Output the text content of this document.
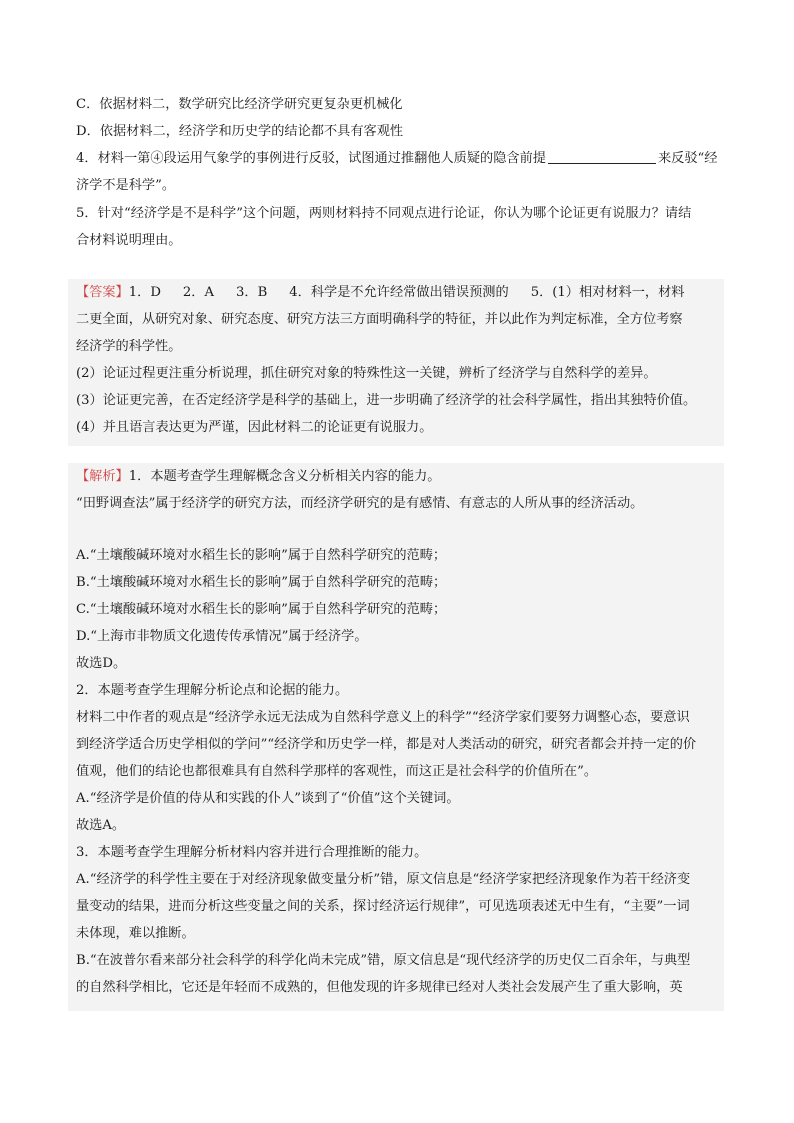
C．依据材料二，数学研究比经济学研究更复杂更机械化
D．依据材料二，经济学和历史学的结论都不具有客观性
4．材料一第④段运用气象学的事例进行反驳，试图通过推翻他人质疑的隐含前提	来反驳“经
济学不是科学”。
5．针对“经济学是不是科学”这个问题，两则材料持不同观点进行论证，你认为哪个论证更有说服力？请结
合材料说明理由。
【答案】1．D 2．A 3．B 4．科学是不允许经常做出错误预测的 5．(1）相对材料一，材料
二更全面，从研究对象、研究态度、研究方法三方面明确科学的特征，并以此作为判定标准，全方位考察
经济学的科学性。
(2）论证过程更注重分析说理，抓住研究对象的特殊性这一关键，辨析了经济学与自然科学的差异。
(3）论证更完善，在否定经济学是科学的基础上，进一步明确了经济学的社会科学属性，指出其独特价值。
(4）并且语言表达更为严谨，因此材料二的论证更有说服力。
【解析】1．本题考查学生理解概念含义分析相关内容的能力。
“田野调查法”属于经济学的研究方法，而经济学研究的是有感情、有意志的人所从事的经济活动。
A.“土壤酸碱环境对水稻生长的影响”属于自然科学研究的范畴；
B.“土壤酸碱环境对水稻生长的影响”属于自然科学研究的范畴；
C.“土壤酸碱环境对水稻生长的影响”属于自然科学研究的范畴；
D.“上海市非物质文化遗传传承情况”属于经济学。
故选D。
2．本题考查学生理解分析论点和论据的能力。
材料二中作者的观点是“经济学永远无法成为自然科学意义上的科学”“经济学家们要努力调整心态，要意识
到经济学适合历史学相似的学问”“经济学和历史学一样，都是对人类活动的研究，研究者都会并持一定的价
值观，他们的结论也都很难具有自然科学那样的客观性，而这正是社会科学的价值所在”。
A.“经济学是价值的侍从和实践的仆人”谈到了“价值”这个关键词。
故选A。
3．本题考查学生理解分析材料内容并进行合理推断的能力。
A.“经济学的科学性主要在于对经济现象做变量分析”错，原文信息是“经济学家把经济现象作为若干经济变
量变动的结果，进而分析这些变量之间的关系，探讨经济运行规律”，可见选项表述无中生有，“主要”一词
未体现，难以推断。
B.“在波普尔看来部分社会科学的科学化尚未完成”错，原文信息是“现代经济学的历史仅二百余年，与典型
的自然科学相比，它还是年轻而不成熟的，但他发现的许多规律已经对人类社会发展产生了重大影响，英
